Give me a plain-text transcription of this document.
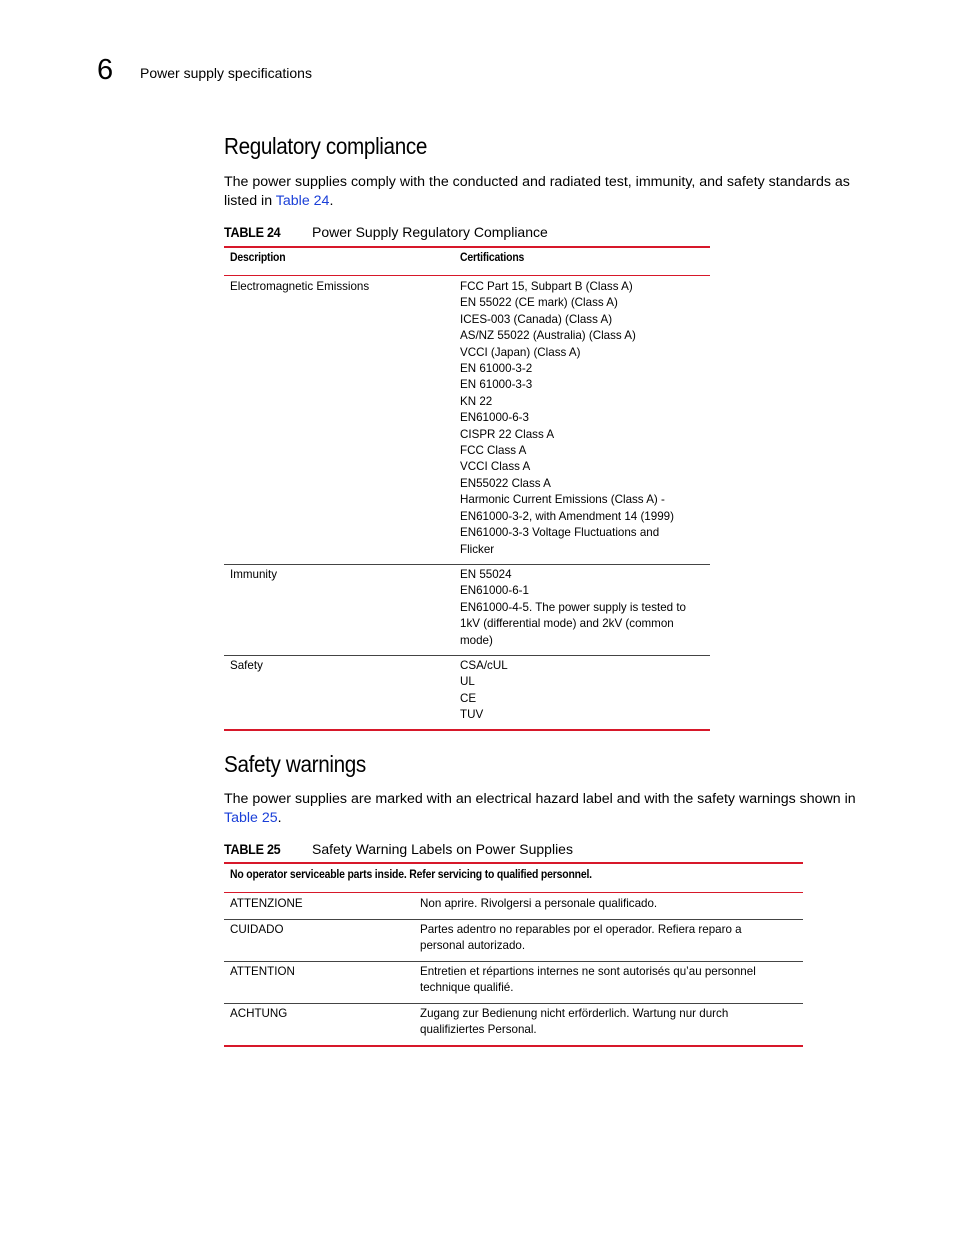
6 Power supply specifications
Regulatory compliance
The power supplies comply with the conducted and radiated test, immunity, and safety standards as listed in Table 24.
TABLE 24 Power Supply Regulatory Compliance
Description	Certifications
Electromagnetic Emissions	FCC Part 15, Subpart B (Class A)
EN 55022 (CE mark) (Class A)
ICES-003 (Canada) (Class A)
AS/NZ 55022 (Australia) (Class A)
VCCI (Japan) (Class A)
EN 61000-3-2
EN 61000-3-3
KN 22
EN61000-6-3
CISPR 22 Class A
FCC Class A
VCCI Class A
EN55022 Class A
Harmonic Current Emissions (Class A) -
EN61000-3-2, with Amendment 14 (1999)
EN61000-3-3 Voltage Fluctuations and
Flicker
Immunity	EN 55024
EN61000-6-1
EN61000-4-5. The power supply is tested to
1kV (differential mode) and 2kV (common
mode)
Safety	CSA/cUL
UL
CE
TUV
Safety warnings
The power supplies are marked with an electrical hazard label and with the safety warnings shown in Table 25.
TABLE 25 Safety Warning Labels on Power Supplies
No operator serviceable parts inside. Refer servicing to qualified personnel.
ATTENZIONE	Non aprire. Rivolgersi a personale qualificado.
CUIDADO	Partes adentro no reparables por el operador. Refiera reparo a
personal autorizado.
ATTENTION	Entretien et répartions internes ne sont autorisés qu’au personnel
technique qualifié.
ACHTUNG	Zugang zur Bedienung nicht erförderlich. Wartung nur durch
qualifiziertes Personal.
